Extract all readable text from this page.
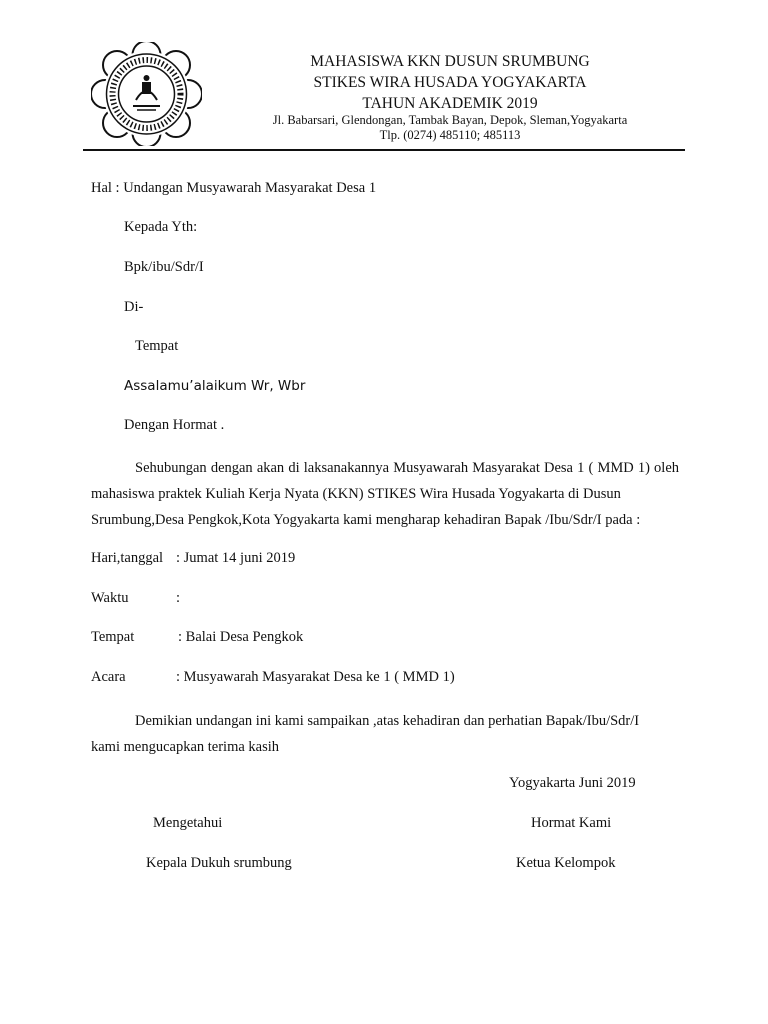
MAHASISWA KKN DUSUN SRUMBUNG
STIKES WIRA HUSADA YOGYAKARTA
TAHUN AKADEMIK 2019
Jl. Babarsari, Glendongan, Tambak Bayan, Depok, Sleman,Yogyakarta
Tlp. (0274) 485110; 485113
Hal : Undangan Musyawarah Masyarakat Desa 1
Kepada Yth:
Bpk/ibu/Sdr/I
Di-
Tempat
Assalamu’alaikum Wr, Wbr
Dengan Hormat .
Sehubungan dengan akan di laksanakannya Musyawarah Masyarakat Desa 1 ( MMD 1) oleh mahasiswa praktek Kuliah Kerja Nyata (KKN) STIKES Wira Husada Yogyakarta di Dusun
Srumbung,Desa Pengkok,Kota Yogyakarta kami mengharap kehadiran Bapak /Ibu/Sdr/I pada :
Hari,tanggal : Jumat 14 juni 2019
Waktu	:
Tempat	: Balai Desa Pengkok
Acara	: Musyawarah Masyarakat Desa ke 1 ( MMD 1)
Demikian undangan ini kami sampaikan ,atas kehadiran dan perhatian Bapak/Ibu/Sdr/I
kami mengucapkan terima kasih
Yogyakarta Juni 2019
Mengetahui	Hormat Kami
Kepala Dukuh srumbung	Ketua Kelompok
